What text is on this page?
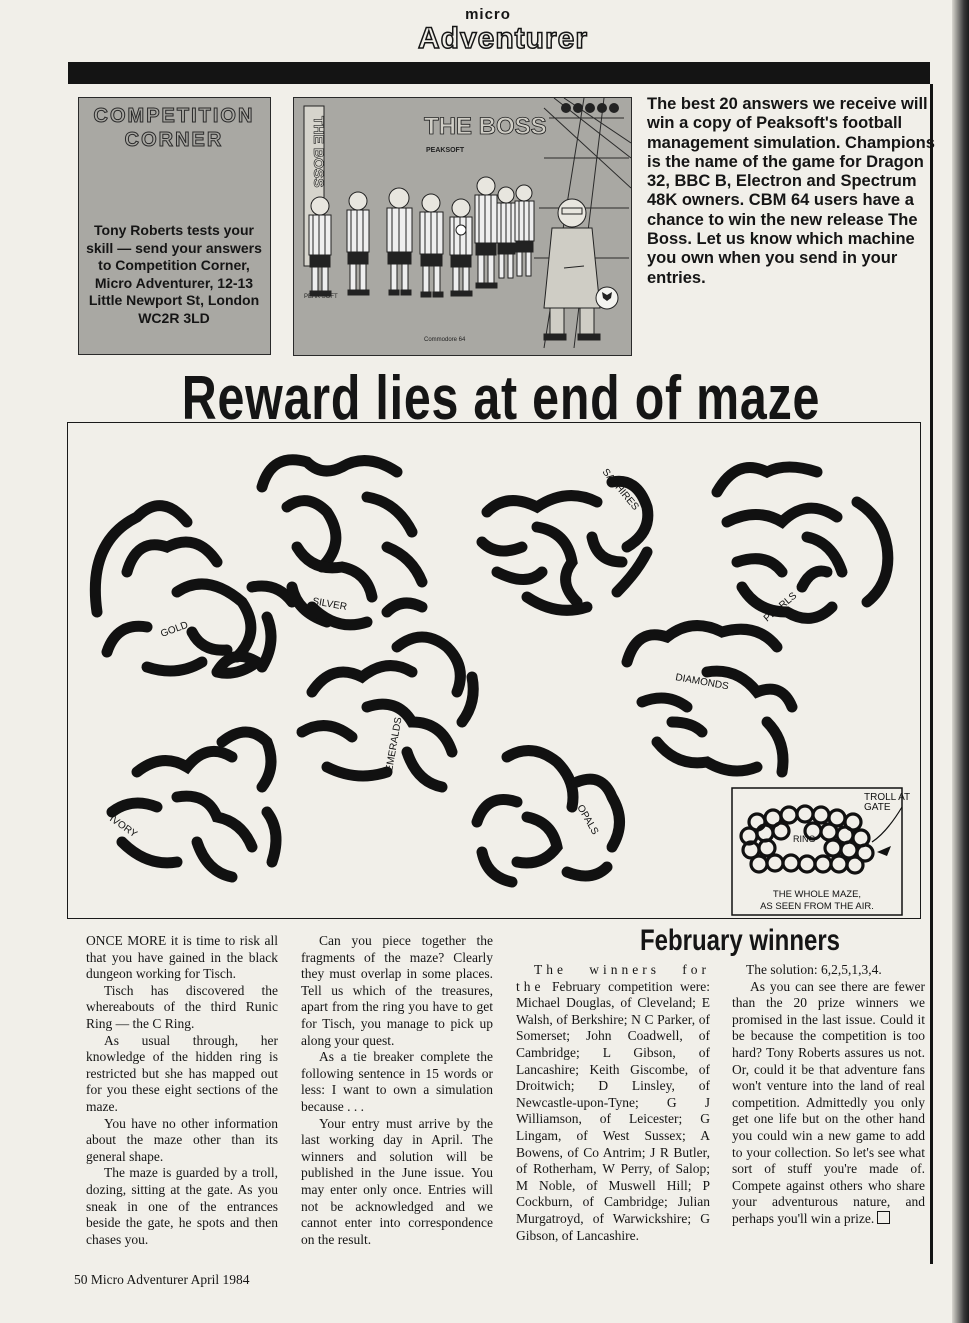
micro
Adventurer
COMPETITION
CORNER
Tony Roberts tests your skill — send your answers to Competition Corner, Micro Adventurer, 12-13 Little Newport St, London WC2R 3LD
THE BOSS	THE BOSS
PEAKSOFT
PEAK SOFT
Commodore 64
The best 20 answers we receive will win a copy of Peaksoft's football management simulation. Champions is the name of the game for Dragon 32, BBC B, Electron and Spectrum 48K owners. CBM 64 users have a chance to win the new release The Boss. Let us know which machine you own when you send in your entries.
Reward lies at end of maze
GOLD
SILVER
SAPHIRES
PEARLS
EMERALDS
DIAMONDS
IVORY	OPALS
TROLL AT
GATE
RING
THE WHOLE MAZE,
AS SEEN FROM THE AIR.

ONCE MORE it is time to risk all that you have gained in the black dungeon working for Tisch.

Tisch has discovered the whereabouts of the third Runic Ring — the C Ring.

As usual through, her knowledge of the hidden ring is restricted but she has mapped out for you these eight sections of the maze.

You have no other information about the maze other than its general shape.

The maze is guarded by a troll, dozing, sitting at the gate. As you sneak in one of the entrances beside the gate, he spots and then chases you.

Can you piece together the fragments of the maze? Clearly they must overlap in some places. Tell us which of the treasures, apart from the ring you have to get for Tisch, you manage to pick up along your quest.

As a tie breaker complete the following sentence in 15 words or less: I want to own a simulation because . . .

Your entry must arrive by the last working day in April. The winners and solution will be published in the June issue. You may enter only once. Entries will not be acknowledged and we cannot enter into correspondence on the result.

February winners

The winners for the February competition were: Michael Douglas, of Cleveland; E Walsh, of Berkshire; N C Parker, of Somerset; John Coadwell, of Cambridge; L Gibson, of Lancashire; Keith Giscombe, of Droitwich; D Linsley, of Newcastle-upon-Tyne; G J Williamson, of Leicester; G Lingam, of West Sussex; A Bowens, of Co Antrim; J R Butler, of Rotherham, W Perry, of Salop; M Noble, of Muswell Hill; P Cockburn, of Cambridge; Julian Murgatroyd, of Warwickshire; G Gibson, of Lancashire.

The solution: 6,2,5,1,3,4.

As you can see there are fewer than the 20 prize winners we promised in the last issue. Could it be because the competition is too hard? Tony Roberts assures us not. Or, could it be that adventure fans won't venture into the land of real competition. Admittedly you only get one life but on the other hand you could win a new game to add to your collection. So let's see what sort of stuff you're made of. Compete against others who share your adventurous nature, and perhaps you'll win a prize.

50 Micro Adventurer April 1984
